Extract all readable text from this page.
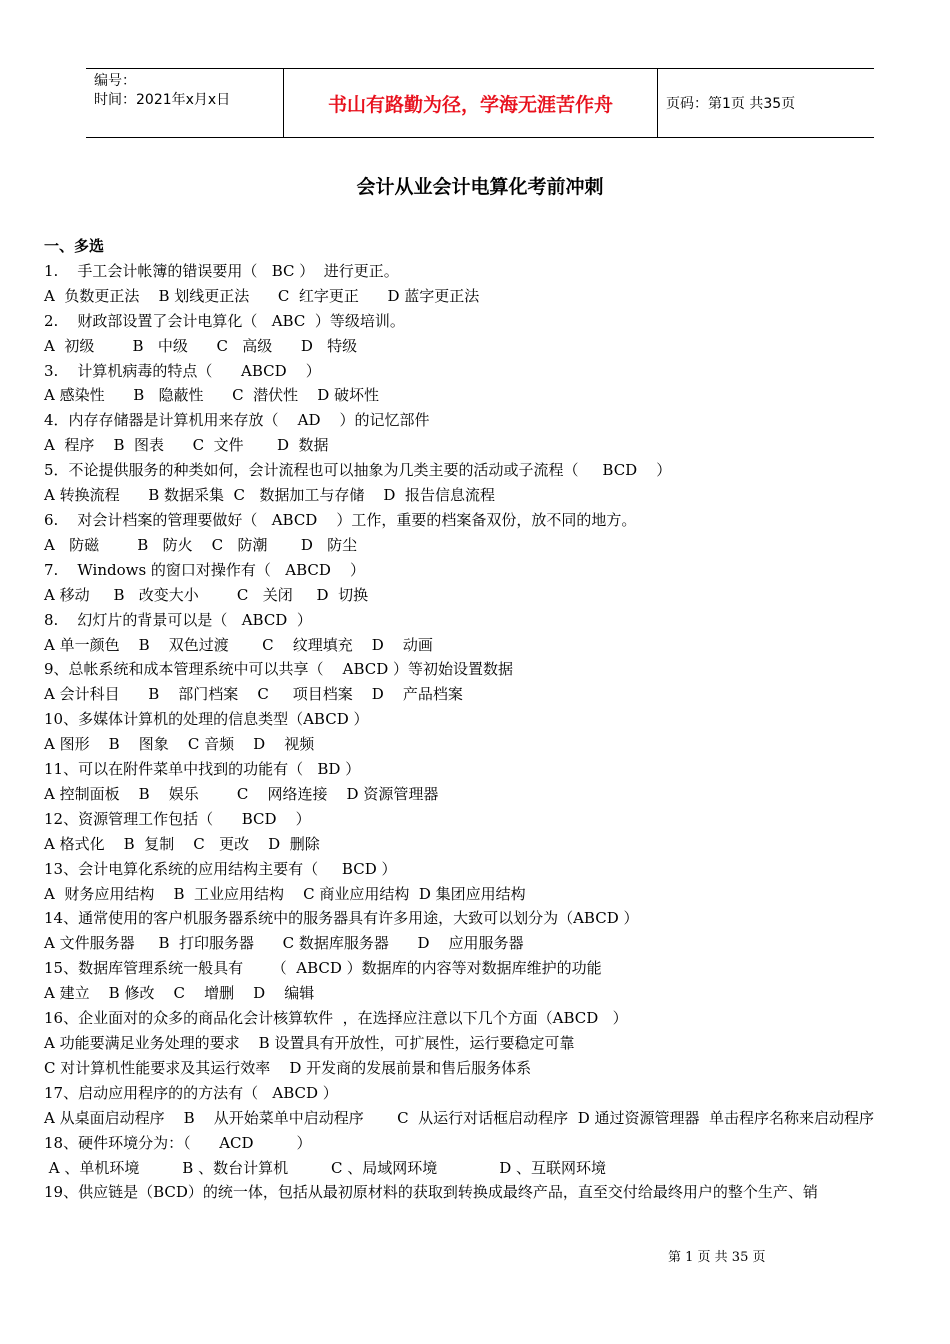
编号：
时间：2021年x月x日	书山有路勤为径，学海无涯苦作舟	页码：第1页 共35页
会计从业会计电算化考前冲刺
一、多选
1.    手工会计帐簿的错误要用（   BC ）  进行更正。
A  负数更正法    B 划线更正法      C  红字更正      D 蓝字更正法
2.    财政部设置了会计电算化（   ABC  ）等级培训。
A  初级        B   中级      C   高级      D   特级
3.    计算机病毒的特点（      ABCD    ）
A 感染性      B   隐蔽性      C  潜伏性    D 破坏性
4．内存存储器是计算机用来存放（    AD    ）的记忆部件
A  程序    B  图表      C  文件       D  数据
5．不论提供服务的种类如何，会计流程也可以抽象为几类主要的活动或子流程（     BCD    ）
A 转换流程      B 数据采集  C   数据加工与存储    D  报告信息流程
6.    对会计档案的管理要做好（   ABCD    ）工作，重要的档案备双份，放不同的地方。
A   防磁        B   防火    C   防潮       D   防尘
7.    Windows 的窗口对操作有（   ABCD    ）
A 移动     B   改变大小        C   关闭     D  切换
8.    幻灯片的背景可以是（   ABCD  ）
A 单一颜色    B    双色过渡       C    纹理填充    D    动画
9、总帐系统和成本管理系统中可以共享（    ABCD ）等初始设置数据
A 会计科目      B    部门档案    C     项目档案    D    产品档案
10、多媒体计算机的处理的信息类型（ABCD ）
A 图形    B    图象    C 音频    D    视频
11、可以在附件菜单中找到的功能有（   BD ）
A 控制面板    B    娱乐        C    网络连接    D 资源管理器
12、资源管理工作包括（      BCD    ）
A 格式化    B  复制    C   更改    D  删除
13、会计电算化系统的应用结构主要有（     BCD ）
A  财务应用结构    B  工业应用结构    C 商业应用结构  D 集团应用结构
14、通常使用的客户机服务器系统中的服务器具有许多用途，大致可以划分为（ABCD ）
A 文件服务器     B  打印服务器      C 数据库服务器      D    应用服务器
15、数据库管理系统一般具有      （  ABCD ）数据库的内容等对数据库维护的功能
A 建立    B 修改    C    增删    D    编辑
16、企业面对的众多的商品化会计核算软件  ，在选择应注意以下几个方面（ABCD   ）
A 功能要满足业务处理的要求    B 设置具有开放性，可扩展性，运行要稳定可靠
C 对计算机性能要求及其运行效率    D 开发商的发展前景和售后服务体系
17、启动应用程序的的方法有（   ABCD ）
A 从桌面启动程序    B    从开始菜单中启动程序       C  从运行对话框启动程序  D 通过资源管理器  单击程序名称来启动程序
18、硬件环境分为：（      ACD         ）
A 、单机环境         B 、数台计算机         C 、局域网环境             D 、互联网环境
19、供应链是（BCD）的统一体，包括从最初原材料的获取到转换成最终产品，直至交付给最终用户的整个生产、销
第 1 页 共 35 页
